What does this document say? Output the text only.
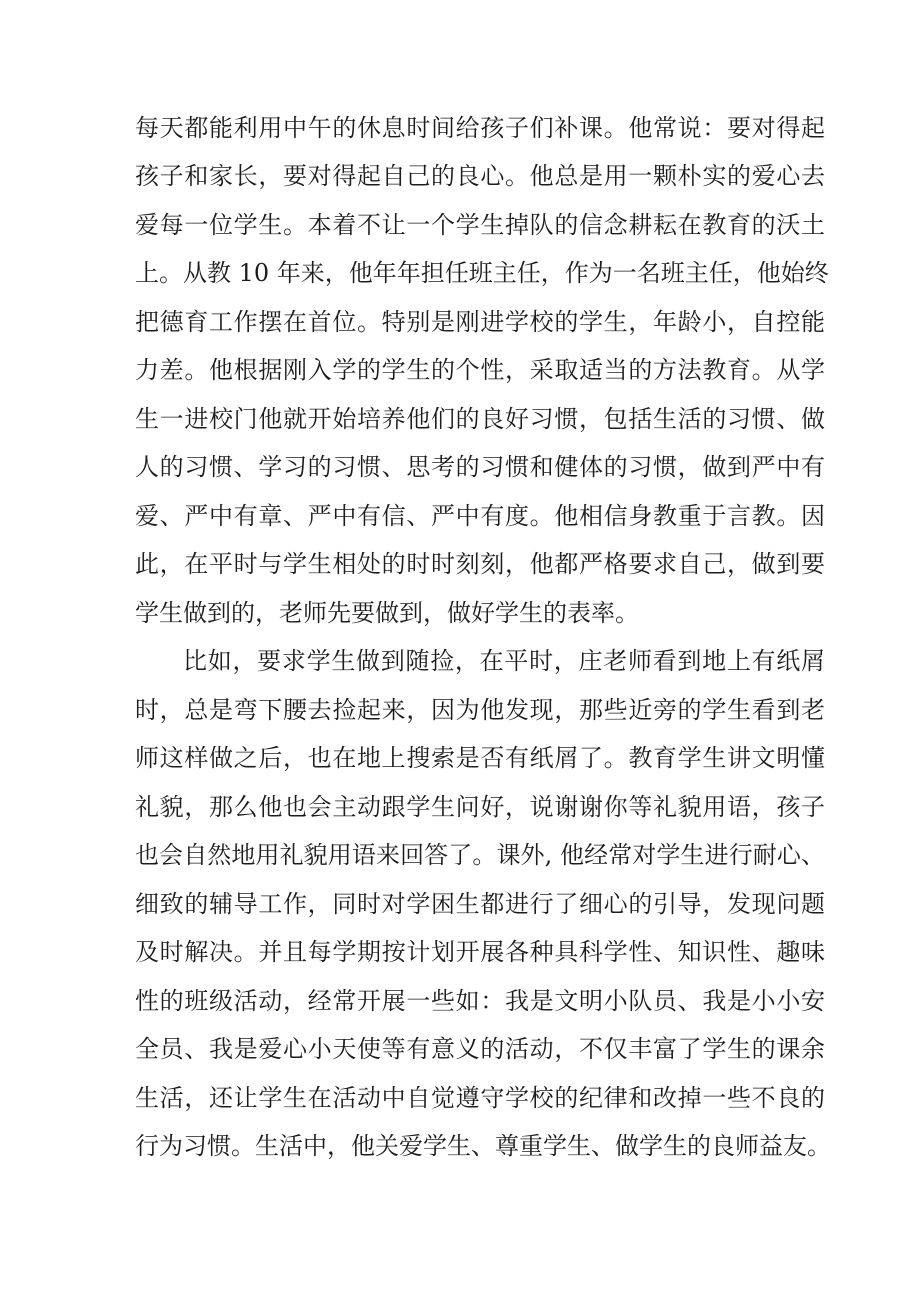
每天都能利用中午的休息时间给孩子们补课。他常说：要对得起
孩子和家长，要对得起自己的良心。他总是用一颗朴实的爱心去
爱每一位学生。本着不让一个学生掉队的信念耕耘在教育的沃土
上。从教 10 年来，他年年担任班主任，作为一名班主任，他始终
把德育工作摆在首位。特别是刚进学校的学生，年龄小，自控能
力差。他根据刚入学的学生的个性，采取适当的方法教育。从学
生一进校门他就开始培养他们的良好习惯，包括生活的习惯、做
人的习惯、学习的习惯、思考的习惯和健体的习惯，做到严中有
爱、严中有章、严中有信、严中有度。他相信身教重于言教。因
此，在平时与学生相处的时时刻刻，他都严格要求自己，做到要
学生做到的，老师先要做到，做好学生的表率。
比如，要求学生做到随捡，在平时，庄老师看到地上有纸屑
时，总是弯下腰去捡起来，因为他发现，那些近旁的学生看到老
师这样做之后，也在地上搜索是否有纸屑了。教育学生讲文明懂
礼貌，那么他也会主动跟学生问好，说谢谢你等礼貌用语，孩子
也会自然地用礼貌用语来回答了。课外, 他经常对学生进行耐心、
细致的辅导工作，同时对学困生都进行了细心的引导，发现问题
及时解决。并且每学期按计划开展各种具科学性、知识性、趣味
性的班级活动，经常开展一些如：我是文明小队员、我是小小安
全员、我是爱心小天使等有意义的活动，不仅丰富了学生的课余
生活，还让学生在活动中自觉遵守学校的纪律和改掉一些不良的
行为习惯。生活中，他关爱学生、尊重学生、做学生的良师益友。
